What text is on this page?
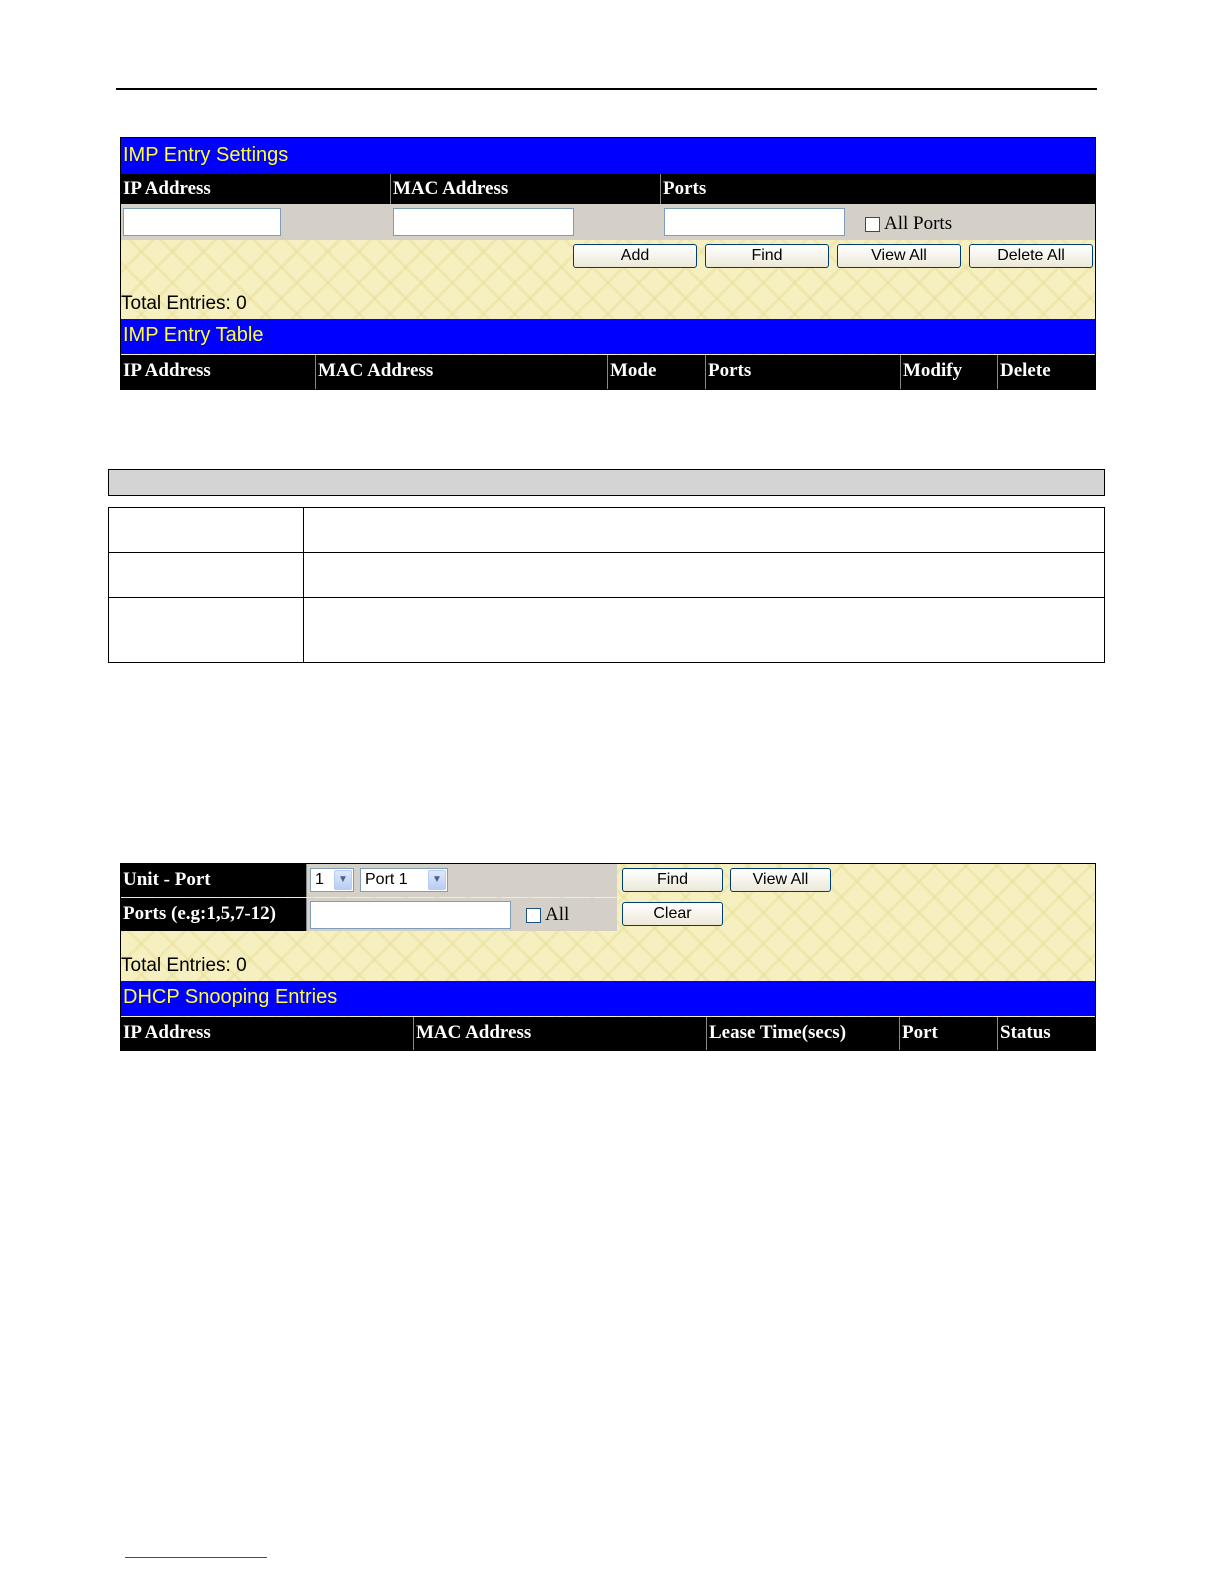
IMP Entry Settings
IP Address	MAC Address	Ports
All Ports
Add	Find	View All	Delete All
Total Entries: 0
IMP Entry Table
IP Address	MAC Address	Mode	Ports	Modify	Delete
Unit - Port	1	▼	Port 1	▼	Find	View All
Ports (e.g:1,5,7-12)	All	Clear
Total Entries: 0
DHCP Snooping Entries
IP Address	MAC Address	Lease Time(secs)	Port	Status
